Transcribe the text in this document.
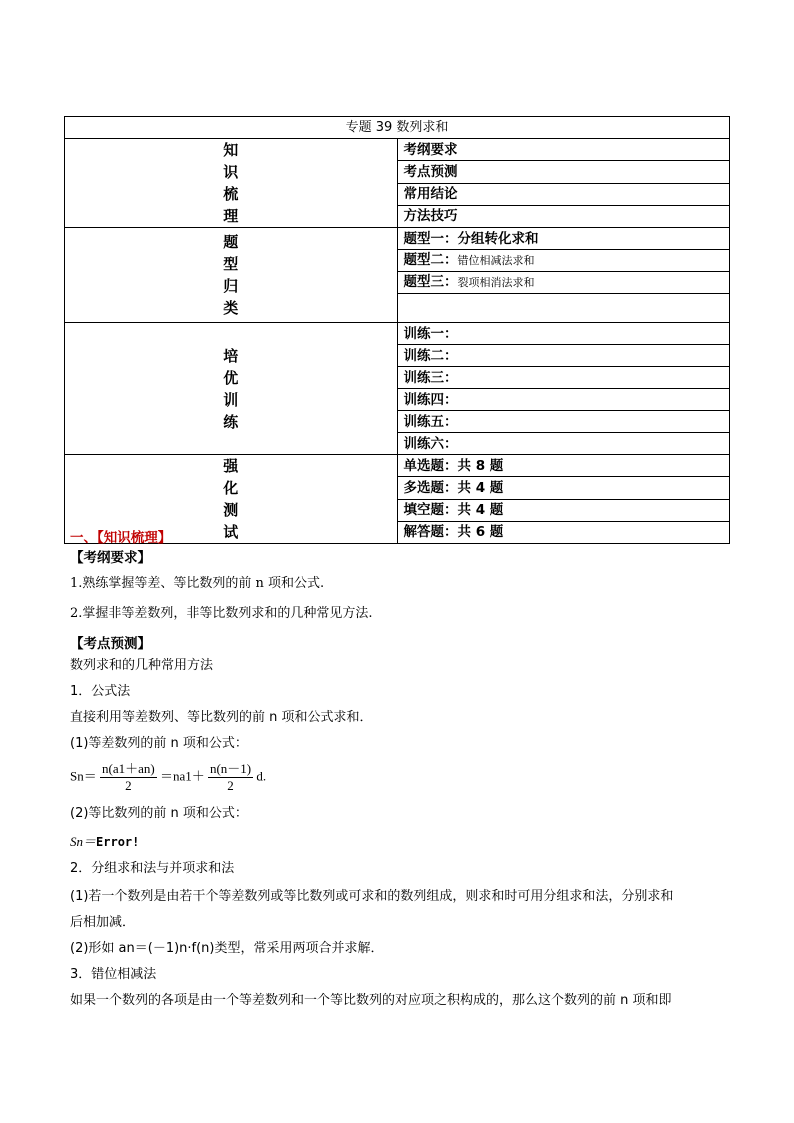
专题 39 数列求和	

知
识
梳
理	考纲要求
	考点预测
	常用结论
	方法技巧

题
型
归
类	题型一：分组转化求和
	题型二：错位相减法求和
	题型三：裂项相消法求和

培
优
训
练	训练一：
	训练二：
	训练三：
	训练四：
	训练五：
	训练六：

强
化
测
试	单选题：共 8 题
	多选题：共 4 题
	填空题：共 4 题
	解答题：共 6 题

一、【知识梳理】

【考纲要求】

1.熟练掌握等差、等比数列的前 n 项和公式.

2.掌握非等差数列，非等比数列求和的几种常见方法.

【考点预测】

数列求和的几种常用方法

1．公式法

直接利用等差数列、等比数列的前 n 项和公式求和．

(1)等差数列的前 n 项和公式：

$Sn= \frac{n(a1+an)}{2} =na1+ \frac{n(n-1)}{2} d$.

(2)等比数列的前 n 项和公式：

Sn＝Error!

2．分组求和法与并项求和法

(1)若一个数列是由若干个等差数列或等比数列或可求和的数列组成，则求和时可用分组求和法，分别求和

后相加减．

(2)形如 an＝(－1)n·f(n)类型，常采用两项合并求解．

3．错位相减法

如果一个数列的各项是由一个等差数列和一个等比数列的对应项之积构成的，那么这个数列的前 n 项和即
